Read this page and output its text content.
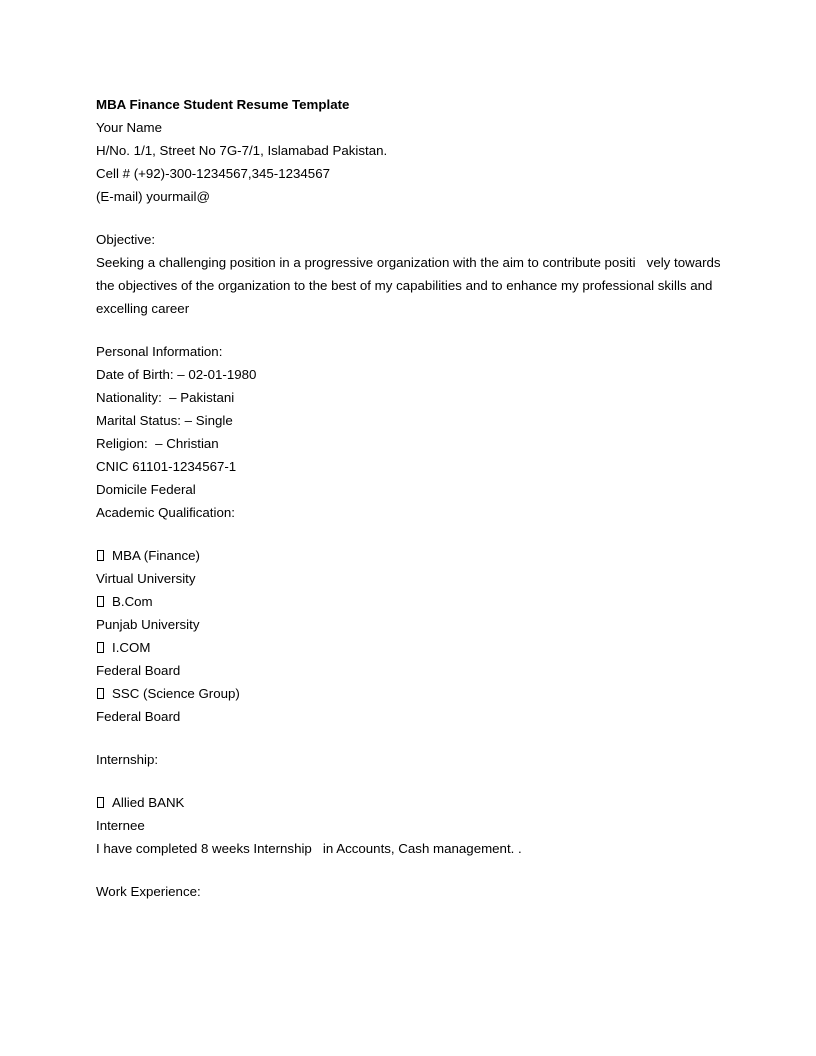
MBA Finance Student Resume Template
Your Name
H/No. 1/1, Street No 7G-7/1, Islamabad Pakistan.
Cell # (+92)-300-1234567,345-1234567
(E-mail) yourmail@
Objective:
Seeking a challenging position in a progressive organization with the aim to contribute positi   vely towards
the objectives of the organization to the best of my capabilities and to enhance my professional skills and
excelling career
Personal Information:
Date of Birth: – 02-01-1980
Nationality:  – Pakistani
Marital Status: – Single
Religion:  – Christian
CNIC 61101-1234567-1
Domicile Federal
Academic Qualification:
MBA (Finance)
Virtual University
B.Com
Punjab University
I.COM
Federal Board
SSC (Science Group)
Federal Board
Internship:
Allied BANK
Internee
I have completed 8 weeks Internship   in Accounts, Cash management. .
Work Experience:
